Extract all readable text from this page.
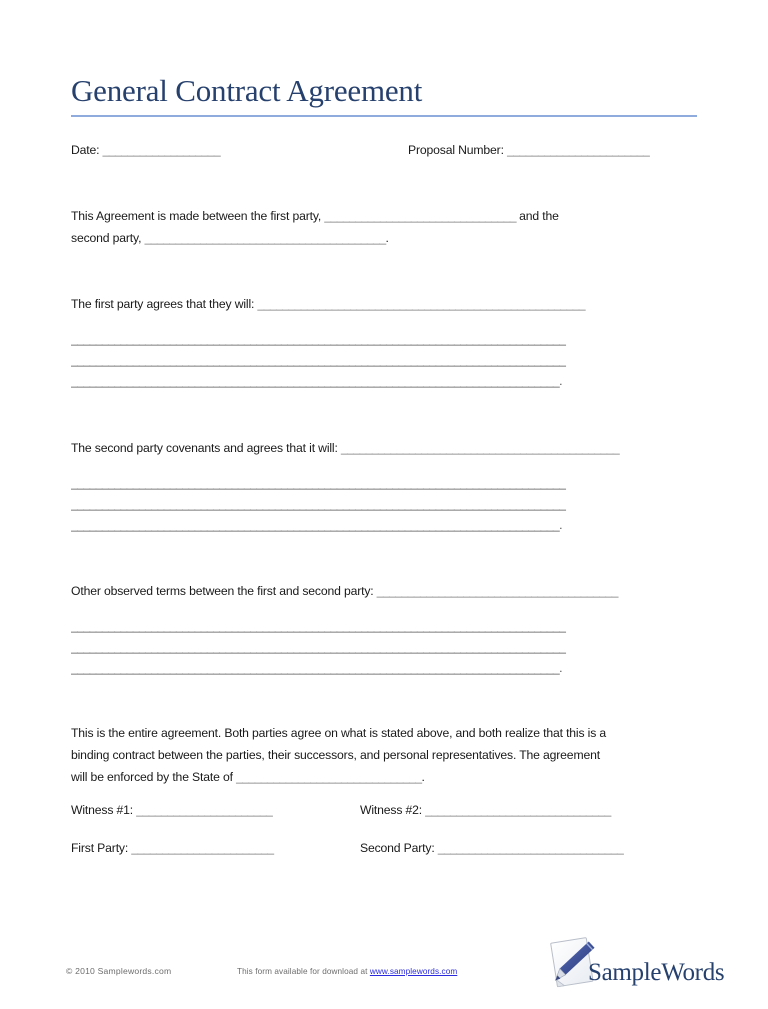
General Contract Agreement
Date: ___________________	Proposal Number: _______________________
This Agreement is made between the first party, _______________________________ and the
second party, _______________________________________.
The first party agrees that they will: _____________________________________________________
________________________________________________________________________________
________________________________________________________________________________
_______________________________________________________________________________.
The second party covenants and agrees that it will: _____________________________________________
________________________________________________________________________________
________________________________________________________________________________
_______________________________________________________________________________.
Other observed terms between the first and second party: _______________________________________
________________________________________________________________________________
________________________________________________________________________________
_______________________________________________________________________________.
This is the entire agreement. Both parties agree on what is stated above, and both realize that this is a
binding contract between the parties, their successors, and personal representatives. The agreement
will be enforced by the State of ______________________________.
Witness #1: ______________________	Witness #2: ______________________________
First Party: _______________________	Second Party: ______________________________
SampleWords
© 2010 Samplewords.com	This form available for download at www.samplewords.com
